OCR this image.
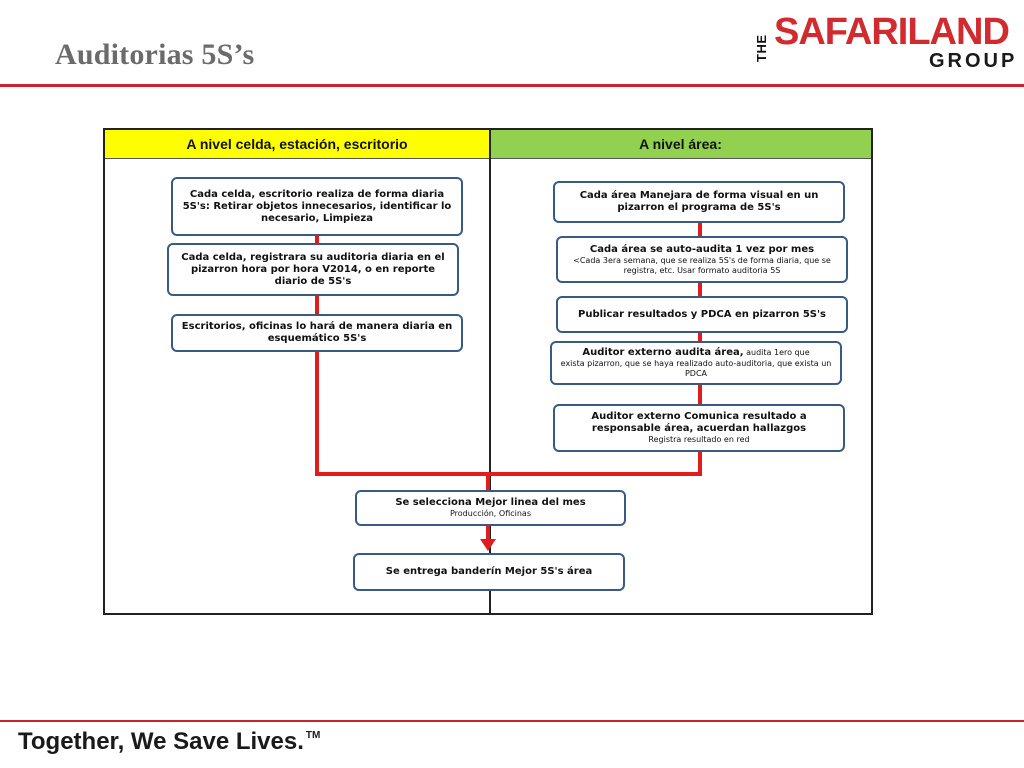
Auditorias 5S’s	THE SAFARILAND
GROUP
A nivel celda, estación, escritorio	A nivel área:
Cada celda, escritorio realiza de forma diaria 5S's: Retirar objetos innecesarios, identificar lo necesario, Limpieza
Cada celda, registrara su auditoria diaria en el pizarron hora por hora V2014, o en reporte diario de 5S's
Escritorios, oficinas lo hará de manera diaria en esquemático 5S's
Cada área Manejara de forma visual en un pizarron el programa de 5S's
Cada área se auto-audita 1 vez por mes
<Cada 3era semana, que se realiza 5S's de forma diaria, que se registra, etc. Usar formato auditoria 5S
Publicar resultados y PDCA en pizarron 5S's
Auditor externo audita área, audita 1ero que
exista pizarron, que se haya realizado auto-auditoria, que exista un PDCA
Auditor externo Comunica resultado a responsable área, acuerdan hallazgos
Registra resultado en red
Se selecciona Mejor linea del mes
Producción, Oficinas
Se entrega banderín Mejor 5S's área
Together, We Save Lives. ™
